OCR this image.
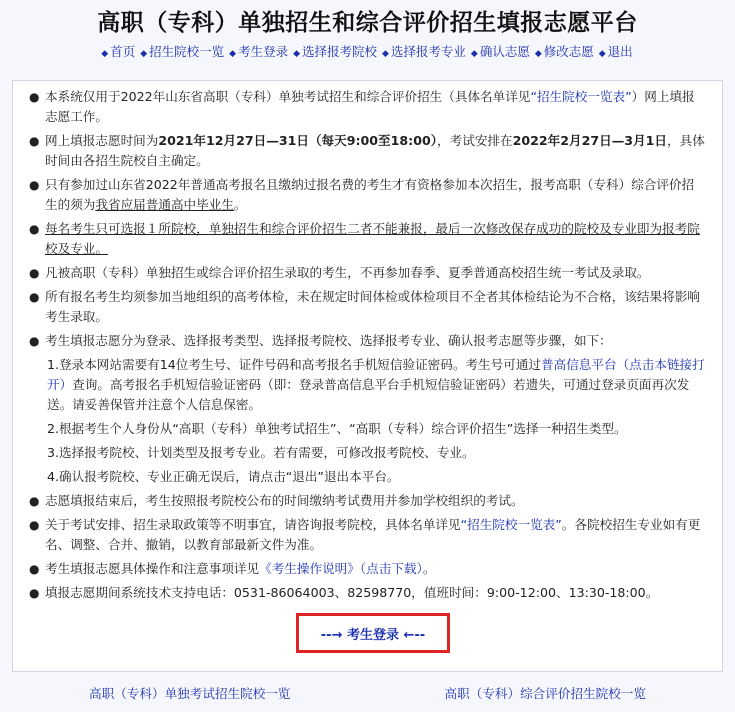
高职（专科）单独招生和综合评价招生填报志愿平台
◆ 首页 ◆ 招生院校一览 ◆ 考生登录 ◆ 选择报考院校 ◆ 选择报考专业 ◆ 确认志愿 ◆ 修改志愿 ◆ 退出
● 本系统仅用于2022年山东省高职（专科）单独考试招生和综合评价招生（具体名单详见“招生院校一览表”）网上填报志愿工作。
● 网上填报志愿时间为2021年12月27日—31日（每天9:00至18:00），考试安排在2022年2月27日—3月1日，具体时间由各招生院校自主确定。
● 只有参加过山东省2022年普通高考报名且缴纳过报名费的考生才有资格参加本次招生，报考高职（专科）综合评价招生的须为我省应届普通高中毕业生。
● 每名考生只可选报１所院校，单独招生和综合评价招生二者不能兼报，最后一次修改保存成功的院校及专业即为报考院校及专业。
● 凡被高职（专科）单独招生或综合评价招生录取的考生，不再参加春季、夏季普通高校招生统一考试及录取。
● 所有报名考生均须参加当地组织的高考体检，未在规定时间体检或体检项目不全者其体检结论为不合格，该结果将影响考生录取。
● 考生填报志愿分为登录、选择报考类型、选择报考院校、选择报考专业、确认报考志愿等步骤，如下：
1.登录本网站需要有14位考生号、证件号码和高考报名手机短信验证密码。考生号可通过普高信息平台（点击本链接打开）查询。高考报名手机短信验证密码（即：登录普高信息平台手机短信验证密码）若遗失，可通过登录页面再次发送。请妥善保管并注意个人信息保密。
2.根据考生个人身份从“高职（专科）单独考试招生”、“高职（专科）综合评价招生”选择一种招生类型。
3.选择报考院校、计划类型及报考专业。若有需要，可修改报考院校、专业。
4.确认报考院校、专业正确无误后，请点击“退出”退出本平台。
● 志愿填报结束后，考生按照报考院校公布的时间缴纳考试费用并参加学校组织的考试。
● 关于考试安排、招生录取政策等不明事宜，请咨询报考院校，具体名单详见“招生院校一览表”。各院校招生专业如有更名、调整、合并、撤销，以教育部最新文件为准。
● 考生填报志愿具体操作和注意事项详见《考生操作说明》（点击下载）。
● 填报志愿期间系统技术支持电话：0531-86064003、82598770，值班时间：9:00-12:00、13:30-18:00。
--→ 考生登录 ←--
高职（专科）单独考试招生院校一览	高职（专科）综合评价招生院校一览
